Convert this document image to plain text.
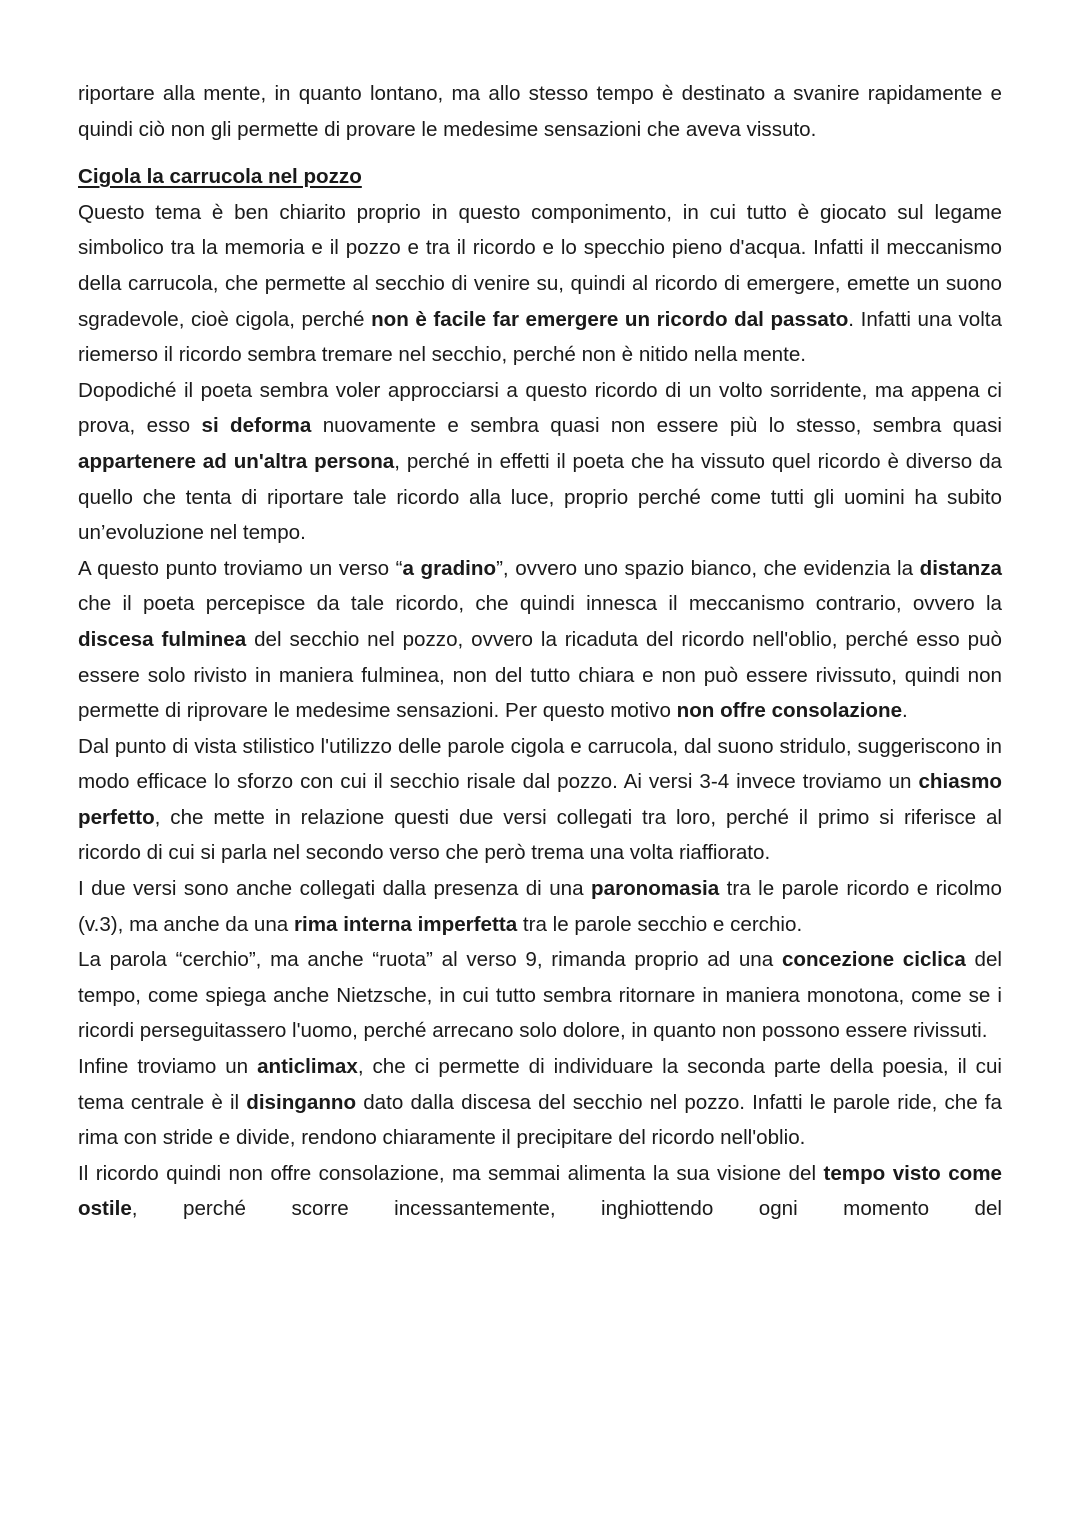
riportare alla mente, in quanto lontano, ma allo stesso tempo è destinato a svanire rapidamente e quindi ciò non gli permette di provare le medesime sensazioni che aveva vissuto.

Cigola la carrucola nel pozzo

Questo tema è ben chiarito proprio in questo componimento, in cui tutto è giocato sul legame simbolico tra la memoria e il pozzo e tra il ricordo e lo specchio pieno d'acqua. Infatti il meccanismo della carrucola, che permette al secchio di venire su, quindi al ricordo di emergere, emette un suono sgradevole, cioè cigola, perché non è facile far emergere un ricordo dal passato. Infatti una volta riemerso il ricordo sembra tremare nel secchio, perché non è nitido nella mente.

Dopodiché il poeta sembra voler approcciarsi a questo ricordo di un volto sorridente, ma appena ci prova, esso si deforma nuovamente e sembra quasi non essere più lo stesso, sembra quasi appartenere ad un'altra persona, perché in effetti il poeta che ha vissuto quel ricordo è diverso da quello che tenta di riportare tale ricordo alla luce, proprio perché come tutti gli uomini ha subito un’evoluzione nel tempo.

A questo punto troviamo un verso “a gradino”, ovvero uno spazio bianco, che evidenzia la distanza che il poeta percepisce da tale ricordo, che quindi innesca il meccanismo contrario, ovvero la discesa fulminea del secchio nel pozzo, ovvero la ricaduta del ricordo nell'oblio, perché esso può essere solo rivisto in maniera fulminea, non del tutto chiara e non può essere rivissuto, quindi non permette di riprovare le medesime sensazioni. Per questo motivo non offre consolazione.

Dal punto di vista stilistico l'utilizzo delle parole cigola e carrucola, dal suono stridulo, suggeriscono in modo efficace lo sforzo con cui il secchio risale dal pozzo. Ai versi 3-4 invece troviamo un chiasmo perfetto, che mette in relazione questi due versi collegati tra loro, perché il primo si riferisce al ricordo di cui si parla nel secondo verso che però trema una volta riaffiorato.

I due versi sono anche collegati dalla presenza di una paronomasia tra le parole ricordo e ricolmo (v.3), ma anche da una rima interna imperfetta tra le parole secchio e cerchio.

La parola “cerchio”, ma anche “ruota” al verso 9, rimanda proprio ad una concezione ciclica del tempo, come spiega anche Nietzsche, in cui tutto sembra ritornare in maniera monotona, come se i ricordi perseguitassero l'uomo, perché arrecano solo dolore, in quanto non possono essere rivissuti.

Infine troviamo un anticlimax, che ci permette di individuare la seconda parte della poesia, il cui tema centrale è il disinganno dato dalla discesa del secchio nel pozzo. Infatti le parole ride, che fa rima con stride e divide, rendono chiaramente il precipitare del ricordo nell'oblio.

Il ricordo quindi non offre consolazione, ma semmai alimenta la sua visione del tempo visto come ostile, perché scorre incessantemente, inghiottendo ogni momento del
